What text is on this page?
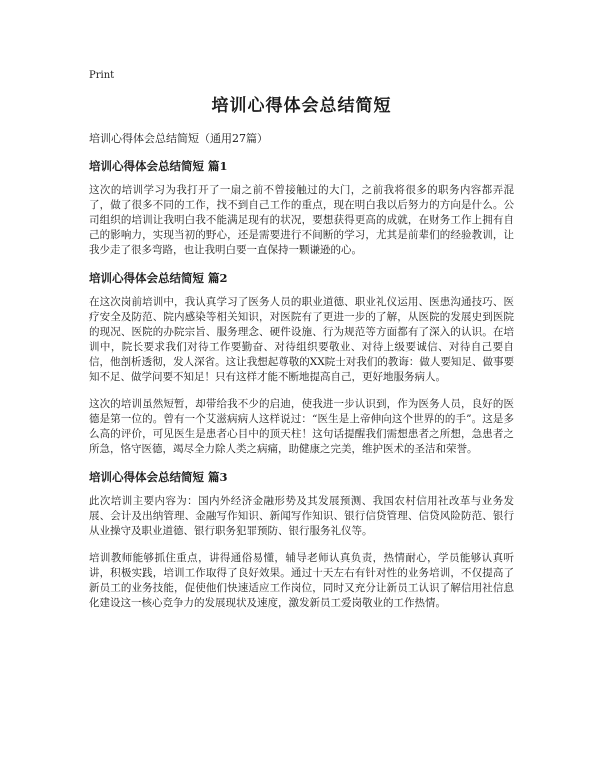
Print
培训心得体会总结简短

培训心得体会总结简短（通用27篇）

培训心得体会总结简短 篇1

这次的培训学习为我打开了一扇之前不曾接触过的大门，之前我将很多的职务内容都弄混了，做了很多不同的工作，找不到自己工作的重点，现在明白我以后努力的方向是什么。公司组织的培训让我明白我不能满足现有的状况，要想获得更高的成就，在财务工作上拥有自己的影响力，实现当初的野心，还是需要进行不间断的学习，尤其是前辈们的经验教训，让我少走了很多弯路，也让我明白要一直保持一颗谦逊的心。

培训心得体会总结简短 篇2

在这次岗前培训中，我认真学习了医务人员的职业道德、职业礼仪运用、医患沟通技巧、医疗安全及防范、院内感染等相关知识，对医院有了更进一步的了解，从医院的发展史到医院的现况、医院的办院宗旨、服务理念、硬件设施、行为规范等方面都有了深入的认识。在培训中，院长要求我们对待工作要勤奋、对待组织要敬业、对待上级要诚信、对待自己要自信，他剖析透彻，发人深省。这让我想起尊敬的XX院士对我们的教诲：做人要知足、做事要知不足、做学问要不知足！只有这样才能不断地提高自己，更好地服务病人。

这次的培训虽然短暂，却带给我不少的启迪，使我进一步认识到，作为医务人员，良好的医德是第一位的。曾有一个艾滋病病人这样说过：“医生是上帝伸向这个世界的的手”。这是多么高的评价，可见医生是患者心目中的顶天柱！这句话提醒我们需想患者之所想，急患者之所急，恪守医德，竭尽全力除人类之病痛，助健康之完美，维护医术的圣洁和荣誉。

培训心得体会总结简短 篇3

此次培训主要内容为：国内外经济金融形势及其发展预测、我国农村信用社改革与业务发展、会计及出纳管理、金融写作知识、新闻写作知识、银行信贷管理、信贷风险防范、银行从业操守及职业道德、银行职务犯罪预防、银行服务礼仪等。

培训教师能够抓住重点，讲得通俗易懂，辅导老师认真负责，热情耐心，学员能够认真听讲，积极实践，培训工作取得了良好效果。通过十天左右有针对性的业务培训，不仅提高了新员工的业务技能，促使他们快速适应工作岗位，同时又充分让新员工认识了解信用社信息化建设这一核心竞争力的发展现状及速度，激发新员工爱岗敬业的工作热情。
